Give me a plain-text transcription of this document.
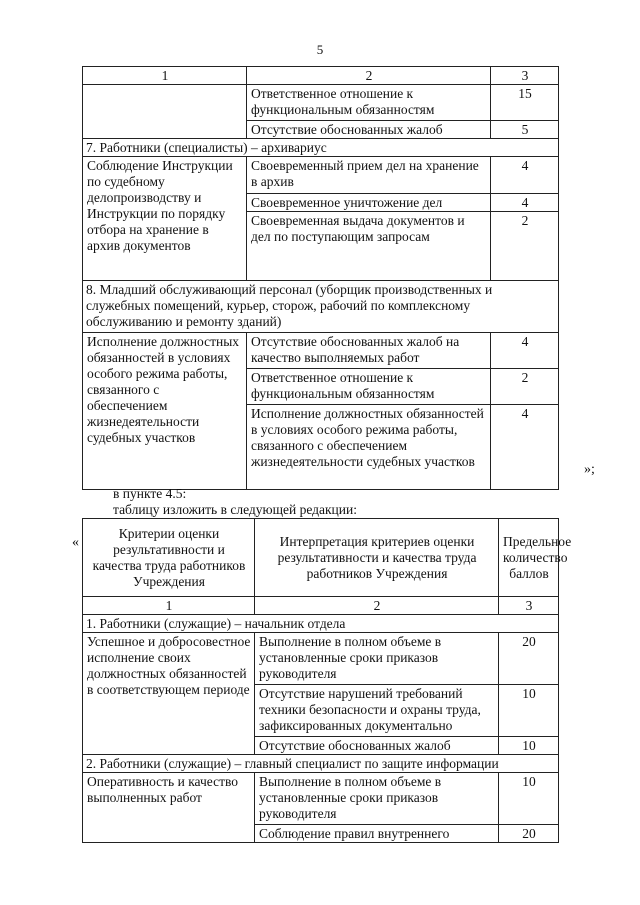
5
1	2	3
	Ответственное отношение к функциональным обязанностям	15
	Отсутствие обоснованных жалоб	5
7. Работники (специалисты) – архивариус		
Соблюдение Инструкции по судебному делопроизводству и Инструкции по порядку отбора на хранение в архив документов	Своевременный прием дел на хранение в архив	4
	Своевременное уничтожение дел	4
	Своевременная выдача документов и дел по поступающим запросам	2
8. Младший обслуживающий персонал (уборщик производственных и служебных помещений, курьер, сторож, рабочий по комплексному обслуживанию и ремонту зданий)		
Исполнение должностных обязанностей в условиях особого режима работы, связанного с обеспечением жизнедеятельности судебных участков	Отсутствие обоснованных жалоб на качество выполняемых работ	4
	Ответственное отношение к функциональным обязанностям	2
	Исполнение должностных обязанностей в условиях особого режима работы, связанного с обеспечением жизнедеятельности судебных участков	4
»;
в пункте 4.5:
таблицу изложить в следующей редакции:
«
Критерии оценки результативности и качества труда работников Учреждения	Интерпретация критериев оценки результативности и качества труда работников Учреждения	Предельное количество баллов
1	2	3
1. Работники (служащие) – начальник отдела		
Успешное и добросовестное исполнение своих должностных обязанностей в соответствующем периоде	Выполнение в полном объеме в установленные сроки приказов руководителя	20
	Отсутствие нарушений требований техники безопасности и охраны труда, зафиксированных документально	10
	Отсутствие обоснованных жалоб	10
2. Работники (служащие) – главный специалист по защите информации		
Оперативность и качество выполненных работ	Выполнение в полном объеме в установленные сроки приказов руководителя	10
	Соблюдение правил внутреннего	20
